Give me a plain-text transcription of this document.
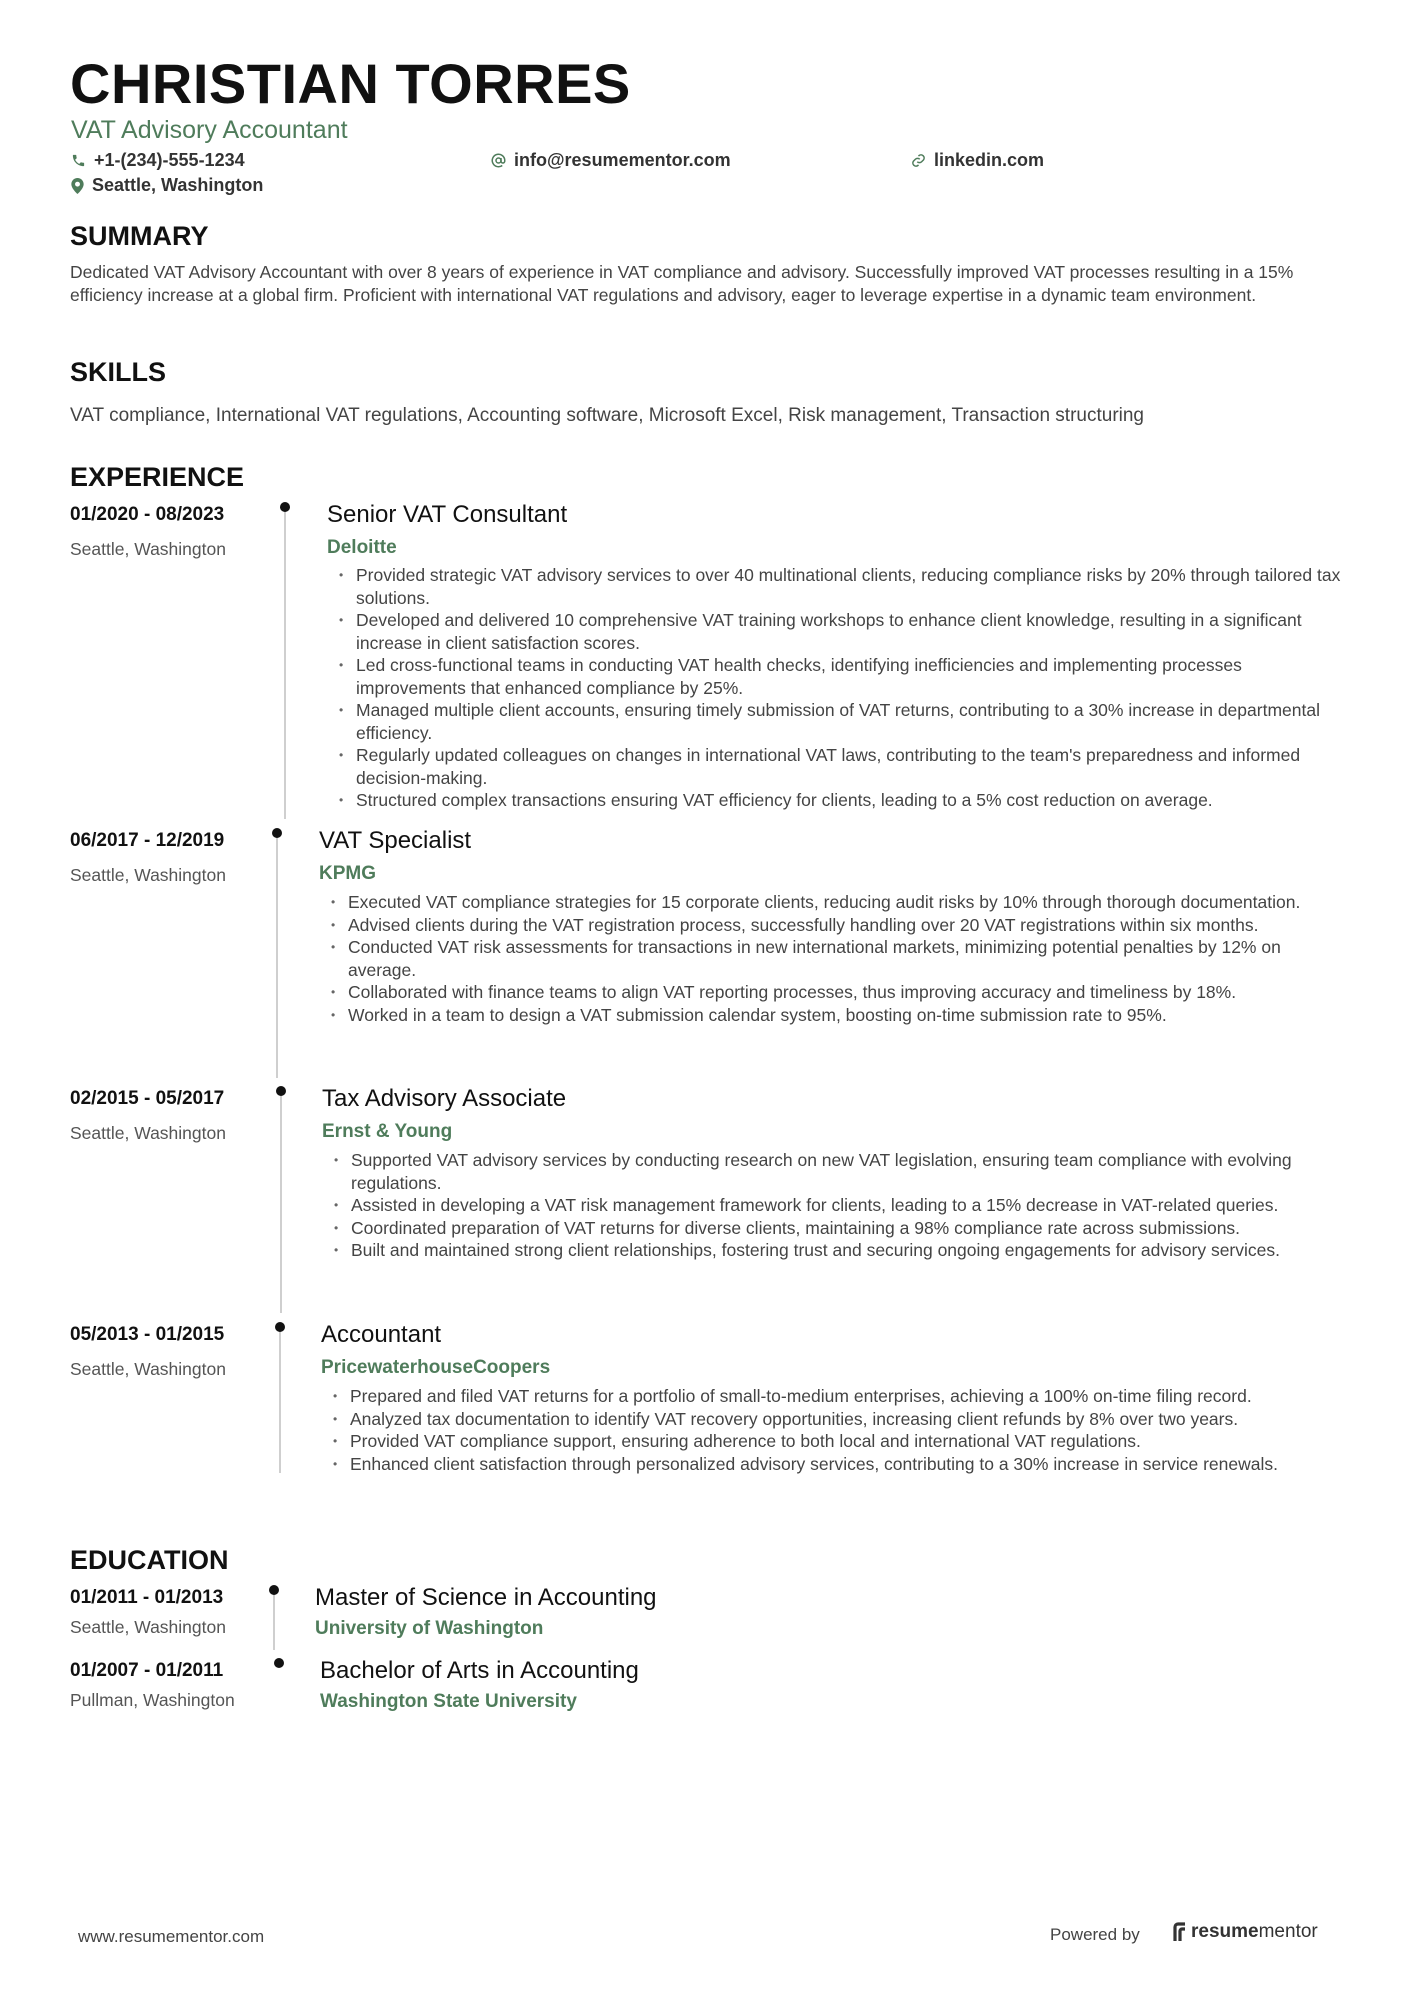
CHRISTIAN TORRES
VAT Advisory Accountant
+1-(234)-555-1234	info@resumementor.com	linkedin.com
Seattle, Washington
SUMMARY
Dedicated VAT Advisory Accountant with over 8 years of experience in VAT compliance and advisory. Successfully improved VAT processes resulting in a 15% efficiency increase at a global firm. Proficient with international VAT regulations and advisory, eager to leverage expertise in a dynamic team environment.
SKILLS
VAT compliance, International VAT regulations, Accounting software, Microsoft Excel, Risk management, Transaction structuring
EXPERIENCE
01/2020 - 08/2023
Seattle, Washington
Senior VAT Consultant
Deloitte
• Provided strategic VAT advisory services to over 40 multinational clients, reducing compliance risks by 20% through tailored tax solutions.
• Developed and delivered 10 comprehensive VAT training workshops to enhance client knowledge, resulting in a significant increase in client satisfaction scores.
• Led cross-functional teams in conducting VAT health checks, identifying inefficiencies and implementing processes improvements that enhanced compliance by 25%.
• Managed multiple client accounts, ensuring timely submission of VAT returns, contributing to a 30% increase in departmental efficiency.
• Regularly updated colleagues on changes in international VAT laws, contributing to the team's preparedness and informed decision-making.
• Structured complex transactions ensuring VAT efficiency for clients, leading to a 5% cost reduction on average.
06/2017 - 12/2019
Seattle, Washington
VAT Specialist
KPMG
• Executed VAT compliance strategies for 15 corporate clients, reducing audit risks by 10% through thorough documentation.
• Advised clients during the VAT registration process, successfully handling over 20 VAT registrations within six months.
• Conducted VAT risk assessments for transactions in new international markets, minimizing potential penalties by 12% on average.
• Collaborated with finance teams to align VAT reporting processes, thus improving accuracy and timeliness by 18%.
• Worked in a team to design a VAT submission calendar system, boosting on-time submission rate to 95%.
02/2015 - 05/2017
Seattle, Washington
Tax Advisory Associate
Ernst & Young
• Supported VAT advisory services by conducting research on new VAT legislation, ensuring team compliance with evolving regulations.
• Assisted in developing a VAT risk management framework for clients, leading to a 15% decrease in VAT-related queries.
• Coordinated preparation of VAT returns for diverse clients, maintaining a 98% compliance rate across submissions.
• Built and maintained strong client relationships, fostering trust and securing ongoing engagements for advisory services.
05/2013 - 01/2015
Seattle, Washington
Accountant
PricewaterhouseCoopers
• Prepared and filed VAT returns for a portfolio of small-to-medium enterprises, achieving a 100% on-time filing record.
• Analyzed tax documentation to identify VAT recovery opportunities, increasing client refunds by 8% over two years.
• Provided VAT compliance support, ensuring adherence to both local and international VAT regulations.
• Enhanced client satisfaction through personalized advisory services, contributing to a 30% increase in service renewals.
EDUCATION
01/2011 - 01/2013
Seattle, Washington
Master of Science in Accounting
University of Washington
01/2007 - 01/2011
Pullman, Washington
Bachelor of Arts in Accounting
Washington State University
www.resumementor.com	Powered by	resume mentor
